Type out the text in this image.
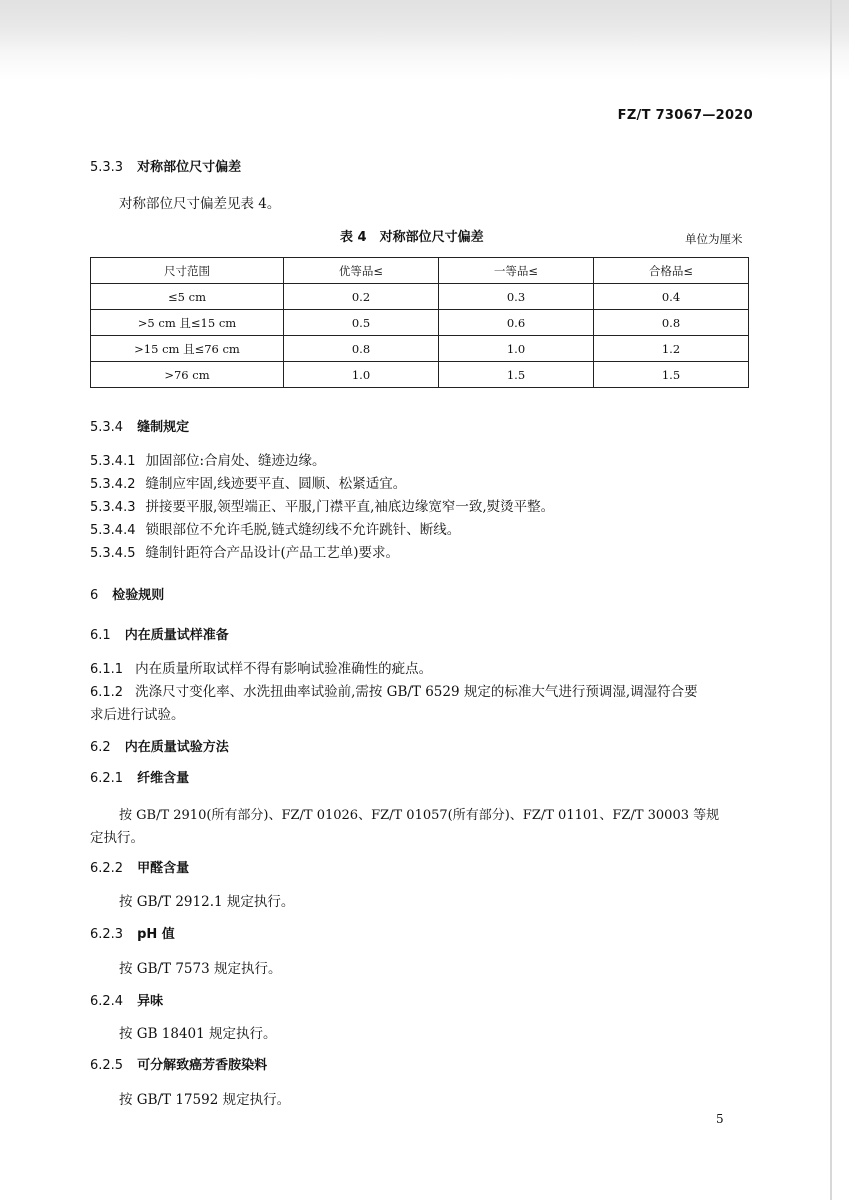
FZ/T 73067—2020
5.3.3 对称部位尺寸偏差
对称部位尺寸偏差见表 4。
表 4　对称部位尺寸偏差	单位为厘米
尺寸范围	优等品≤	一等品≤	合格品≤
≤5 cm	0.2	0.3	0.4
>5 cm 且≤15 cm	0.5	0.6	0.8
>15 cm 且≤76 cm	0.8	1.0	1.2
>76 cm	1.0	1.5	1.5
5.3.4 缝制规定
5.3.4.1 加固部位:合肩处、缝迹边缘。
5.3.4.2 缝制应牢固,线迹要平直、圆顺、松紧适宜。
5.3.4.3 拼接要平服,领型端正、平服,门襟平直,袖底边缘宽窄一致,熨烫平整。
5.3.4.4 锁眼部位不允许毛脱,链式缝纫线不允许跳针、断线。
5.3.4.5 缝制针距符合产品设计(产品工艺单)要求。
6 检验规则
6.1 内在质量试样准备
6.1.1 内在质量所取试样不得有影响试验准确性的疵点。
6.1.2 洗涤尺寸变化率、水洗扭曲率试验前,需按 GB/T 6529 规定的标准大气进行预调湿,调湿符合要
求后进行试验。
6.2 内在质量试验方法
6.2.1 纤维含量
按 GB/T 2910(所有部分)、FZ/T 01026、FZ/T 01057(所有部分)、FZ/T 01101、FZ/T 30003 等规
定执行。
6.2.2 甲醛含量
按 GB/T 2912.1 规定执行。
6.2.3 pH 值
按 GB/T 7573 规定执行。
6.2.4 异味
按 GB 18401 规定执行。
6.2.5 可分解致癌芳香胺染料
按 GB/T 17592 规定执行。
5
